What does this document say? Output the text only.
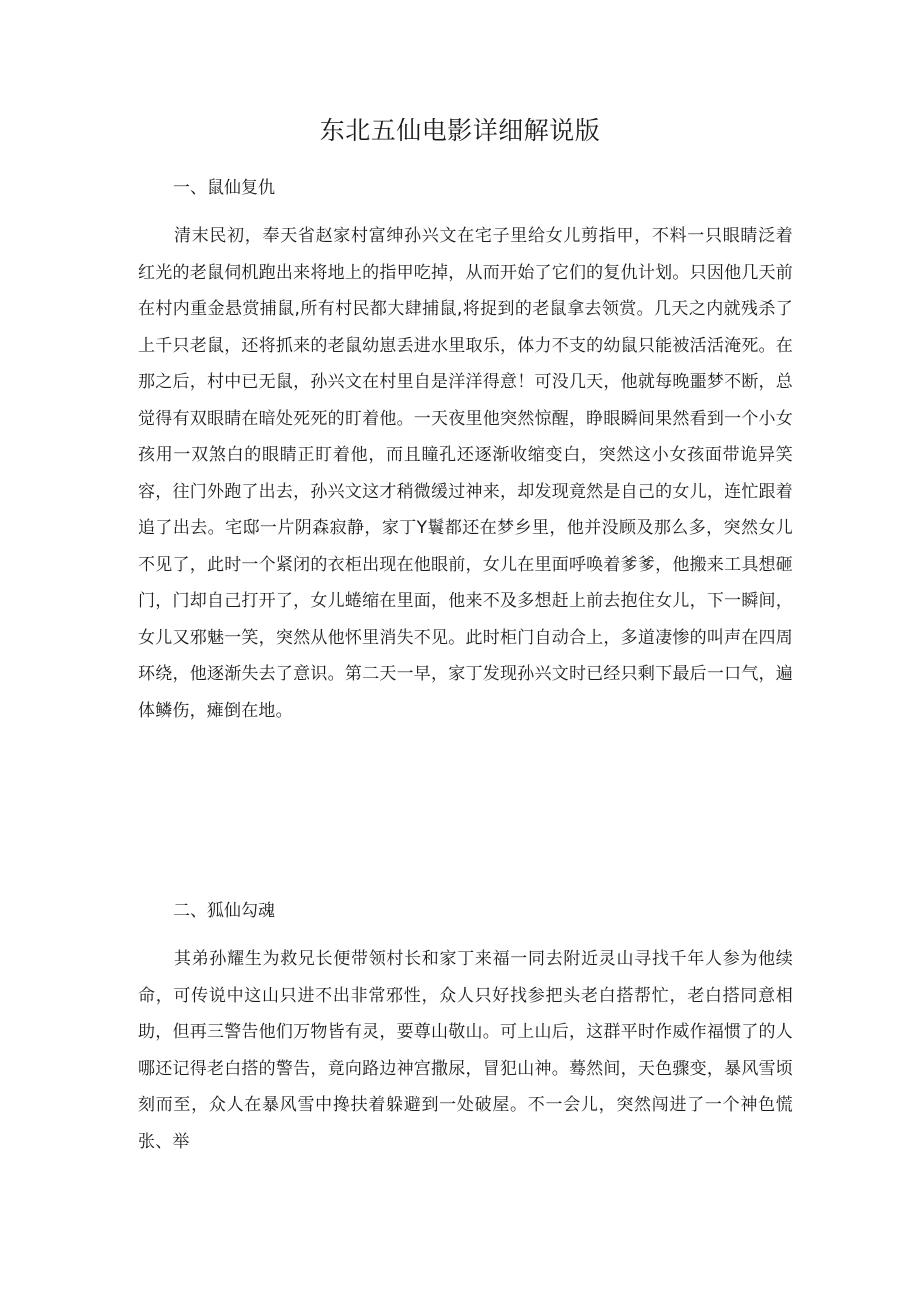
东北五仙电影详细解说版
一、鼠仙复仇

清末民初，奉天省赵家村富绅孙兴文在宅子里给女儿剪指甲，不料一只眼睛泛着红光的老鼠伺机跑出来将地上的指甲吃掉，从而开始了它们的复仇计划。只因他几天前在村内重金悬赏捕鼠,所有村民都大肆捕鼠,将捉到的老鼠拿去领赏。几天之内就残杀了上千只老鼠，还将抓来的老鼠幼崽丢进水里取乐，体力不支的幼鼠只能被活活淹死。在那之后，村中已无鼠，孙兴文在村里自是洋洋得意！可没几天，他就每晚噩梦不断，总觉得有双眼睛在暗处死死的盯着他。一天夜里他突然惊醒，睁眼瞬间果然看到一个小女孩用一双煞白的眼睛正盯着他，而且瞳孔还逐渐收缩变白，突然这小女孩面带诡异笑容，往门外跑了出去，孙兴文这才稍微缓过神来，却发现竟然是自己的女儿，连忙跟着追了出去。宅邸一片阴森寂静，家丁Y鬟都还在梦乡里，他并没顾及那么多，突然女儿不见了，此时一个紧闭的衣柜出现在他眼前，女儿在里面呼唤着爹爹，他搬来工具想砸门，门却自己打开了，女儿蜷缩在里面，他来不及多想赶上前去抱住女儿，下一瞬间，女儿又邪魅一笑，突然从他怀里消失不见。此时柜门自动合上，多道凄惨的叫声在四周环绕，他逐渐失去了意识。第二天一早，家丁发现孙兴文时已经只剩下最后一口气，遍体鳞伤，瘫倒在地。

二、狐仙勾魂

其弟孙耀生为救兄长便带领村长和家丁来福一同去附近灵山寻找千年人参为他续命，可传说中这山只进不出非常邪性，众人只好找参把头老白搭帮忙，老白搭同意相助，但再三警告他们万物皆有灵，要尊山敬山。可上山后，这群平时作威作福惯了的人哪还记得老白搭的警告，竟向路边神宫撒尿，冒犯山神。蓦然间，天色骤变，暴风雪顷刻而至，众人在暴风雪中搀扶着躲避到一处破屋。不一会儿，突然闯进了一个神色慌张、举
